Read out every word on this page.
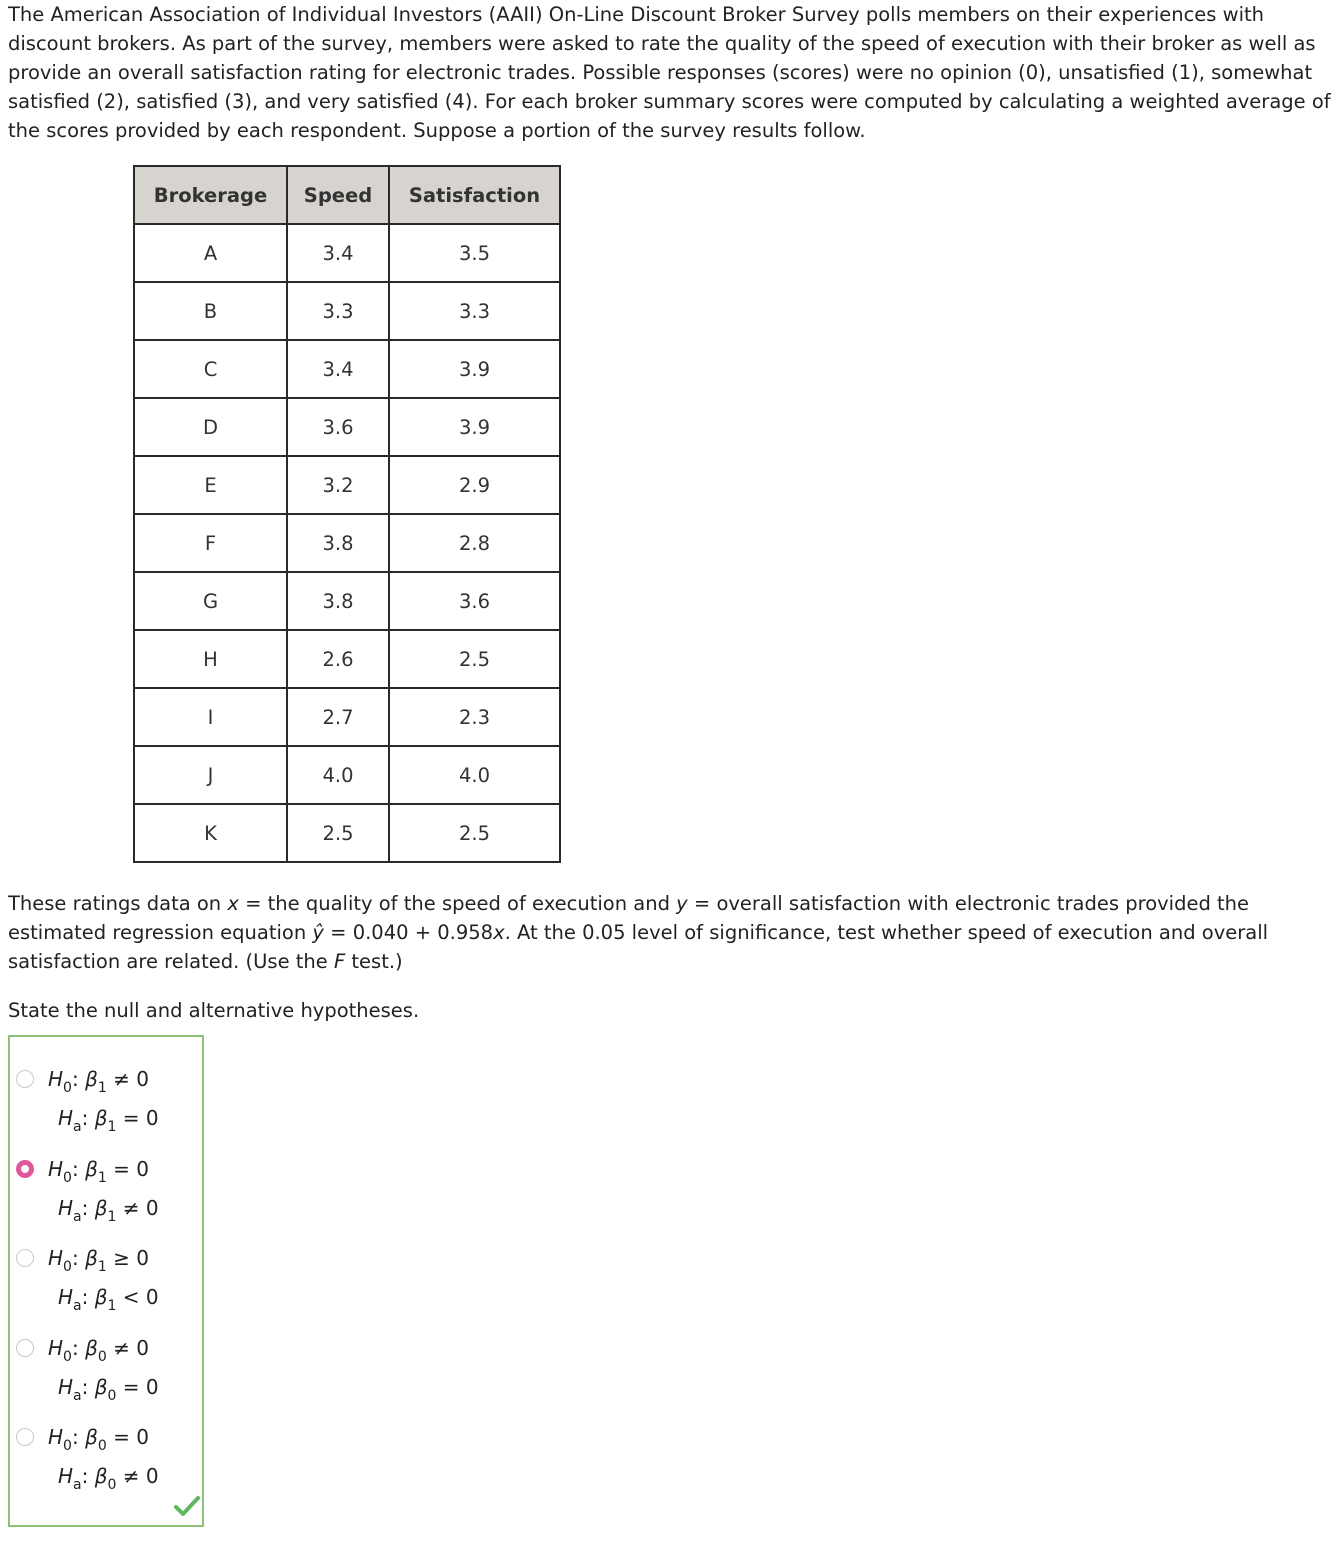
The American Association of Individual Investors (AAII) On-Line Discount Broker Survey polls members on their experiences with discount brokers. As part of the survey, members were asked to rate the quality of the speed of execution with their broker as well as provide an overall satisfaction rating for electronic trades. Possible responses (scores) were no opinion (0), unsatisfied (1), somewhat satisfied (2), satisfied (3), and very satisfied (4). For each broker summary scores were computed by calculating a weighted average of the scores provided by each respondent. Suppose a portion of the survey results follow.

Brokerage	Speed	Satisfaction
A	3.4	3.5
B	3.3	3.3
C	3.4	3.9
D	3.6	3.9
E	3.2	2.9
F	3.8	2.8
G	3.8	3.6
H	2.6	2.5
I	2.7	2.3
J	4.0	4.0
K	2.5	2.5

These ratings data on x = the quality of the speed of execution and y = overall satisfaction with electronic trades provided the estimated regression equation ŷ = 0.040 + 0.958x. At the 0.05 level of significance, test whether speed of execution and overall satisfaction are related. (Use the F test.)

State the null and alternative hypotheses.

$H_0$: $\beta_1 \ne 0$
$H_a$: $\beta_1 = 0$
$H_0$: $\beta_1 = 0$
$H_a$: $\beta_1 \ne 0$
$H_0$: $\beta_1 \ge 0$
$H_a$: $\beta_1 < 0$
$H_0$: $\beta_0 \ne 0$
$H_a$: $\beta_0 = 0$
$H_0$: $\beta_0 = 0$
$H_a$: $\beta_0 \ne 0$
